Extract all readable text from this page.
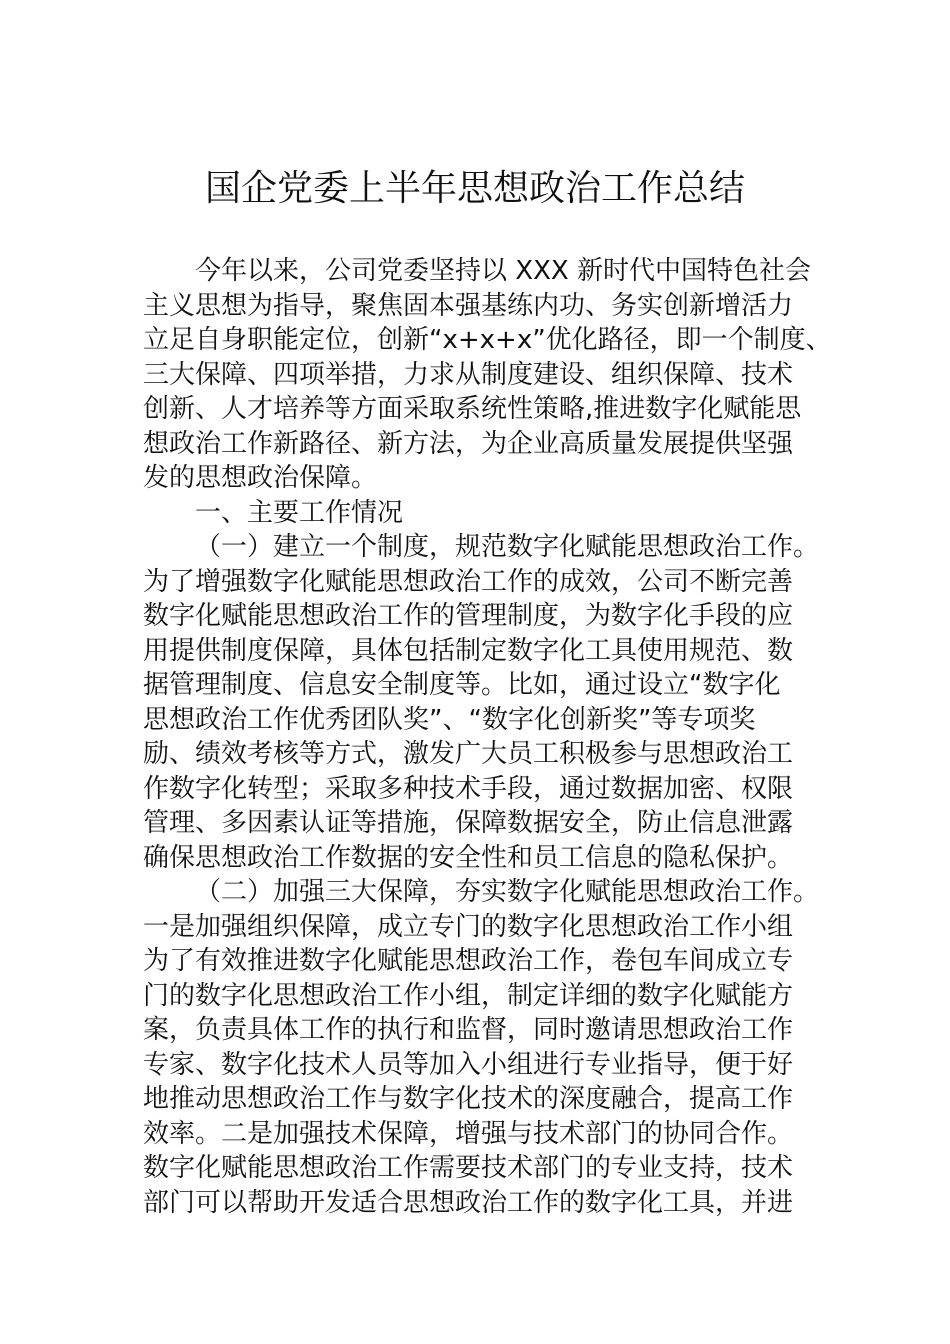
国企党委上半年思想政治工作总结
今年以来，公司党委坚持以 XXX 新时代中国特色社会
主义思想为指导，聚焦固本强基练内功、务实创新增活力
立足自身职能定位，创新“x+x+x”优化路径，即一个制度、
三大保障、四项举措，力求从制度建设、组织保障、技术
创新、人才培养等方面采取系统性策略,推进数字化赋能思
想政治工作新路径、新方法，为企业高质量发展提供坚强
发的思想政治保障。
一、主要工作情况
（一）建立一个制度，规范数字化赋能思想政治工作。
为了增强数字化赋能思想政治工作的成效，公司不断完善
数字化赋能思想政治工作的管理制度，为数字化手段的应
用提供制度保障，具体包括制定数字化工具使用规范、数
据管理制度、信息安全制度等。比如，通过设立“数字化
思想政治工作优秀团队奖”、“数字化创新奖”等专项奖
励、绩效考核等方式，激发广大员工积极参与思想政治工
作数字化转型；采取多种技术手段，通过数据加密、权限
管理、多因素认证等措施，保障数据安全，防止信息泄露
确保思想政治工作数据的安全性和员工信息的隐私保护。
（二）加强三大保障，夯实数字化赋能思想政治工作。
一是加强组织保障，成立专门的数字化思想政治工作小组
为了有效推进数字化赋能思想政治工作，卷包车间成立专
门的数字化思想政治工作小组，制定详细的数字化赋能方
案，负责具体工作的执行和监督，同时邀请思想政治工作
专家、数字化技术人员等加入小组进行专业指导，便于好
地推动思想政治工作与数字化技术的深度融合，提高工作
效率。二是加强技术保障，增强与技术部门的协同合作。
数字化赋能思想政治工作需要技术部门的专业支持，技术
部门可以帮助开发适合思想政治工作的数字化工具，并进
